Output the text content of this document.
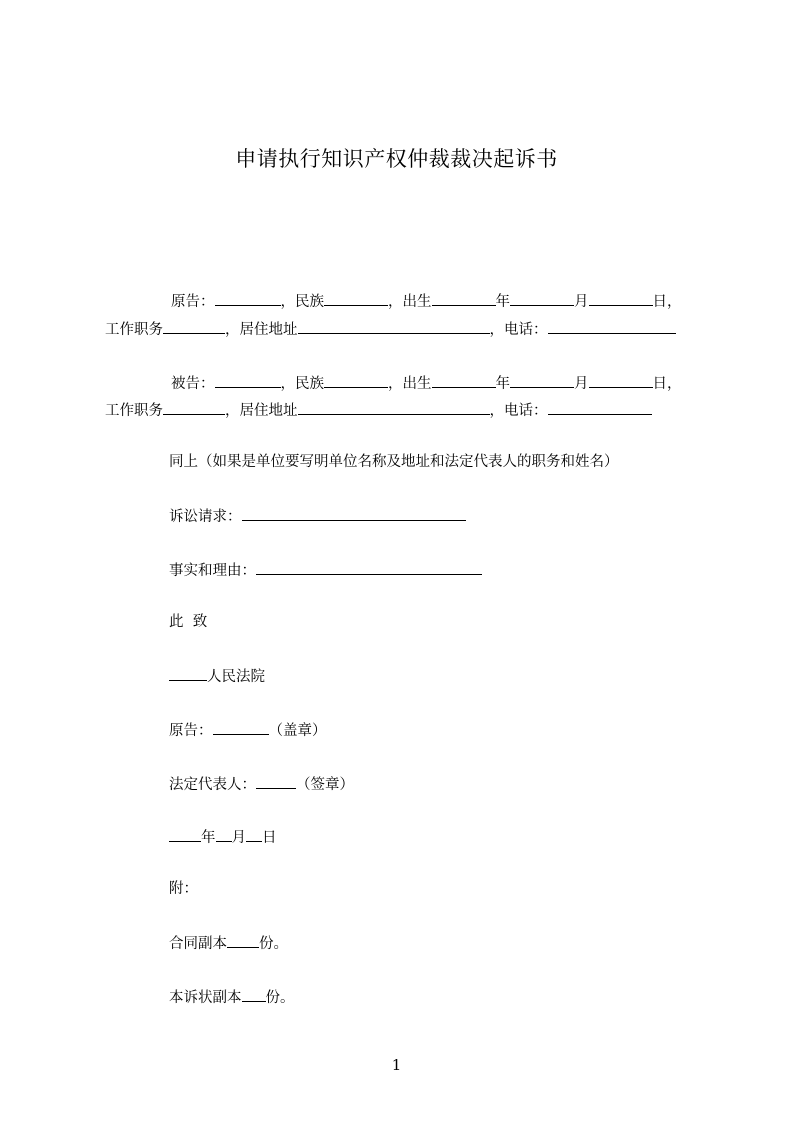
申请执行知识产权仲裁裁决起诉书
原告：	，民族	，出生	年	月	日，
工作职务	，居住地址	，电话：
被告：	，民族	，出生	年	月	日，
工作职务	，居住地址	，电话：
同上（如果是单位要写明单位名称及地址和法定代表人的职务和姓名）
诉讼请求：
事实和理由：
此  致
人民法院
原告：	（盖章）
法定代表人：	（签章）
年 月 日
附：
合同副本 份。
本诉状副本 份。
1
